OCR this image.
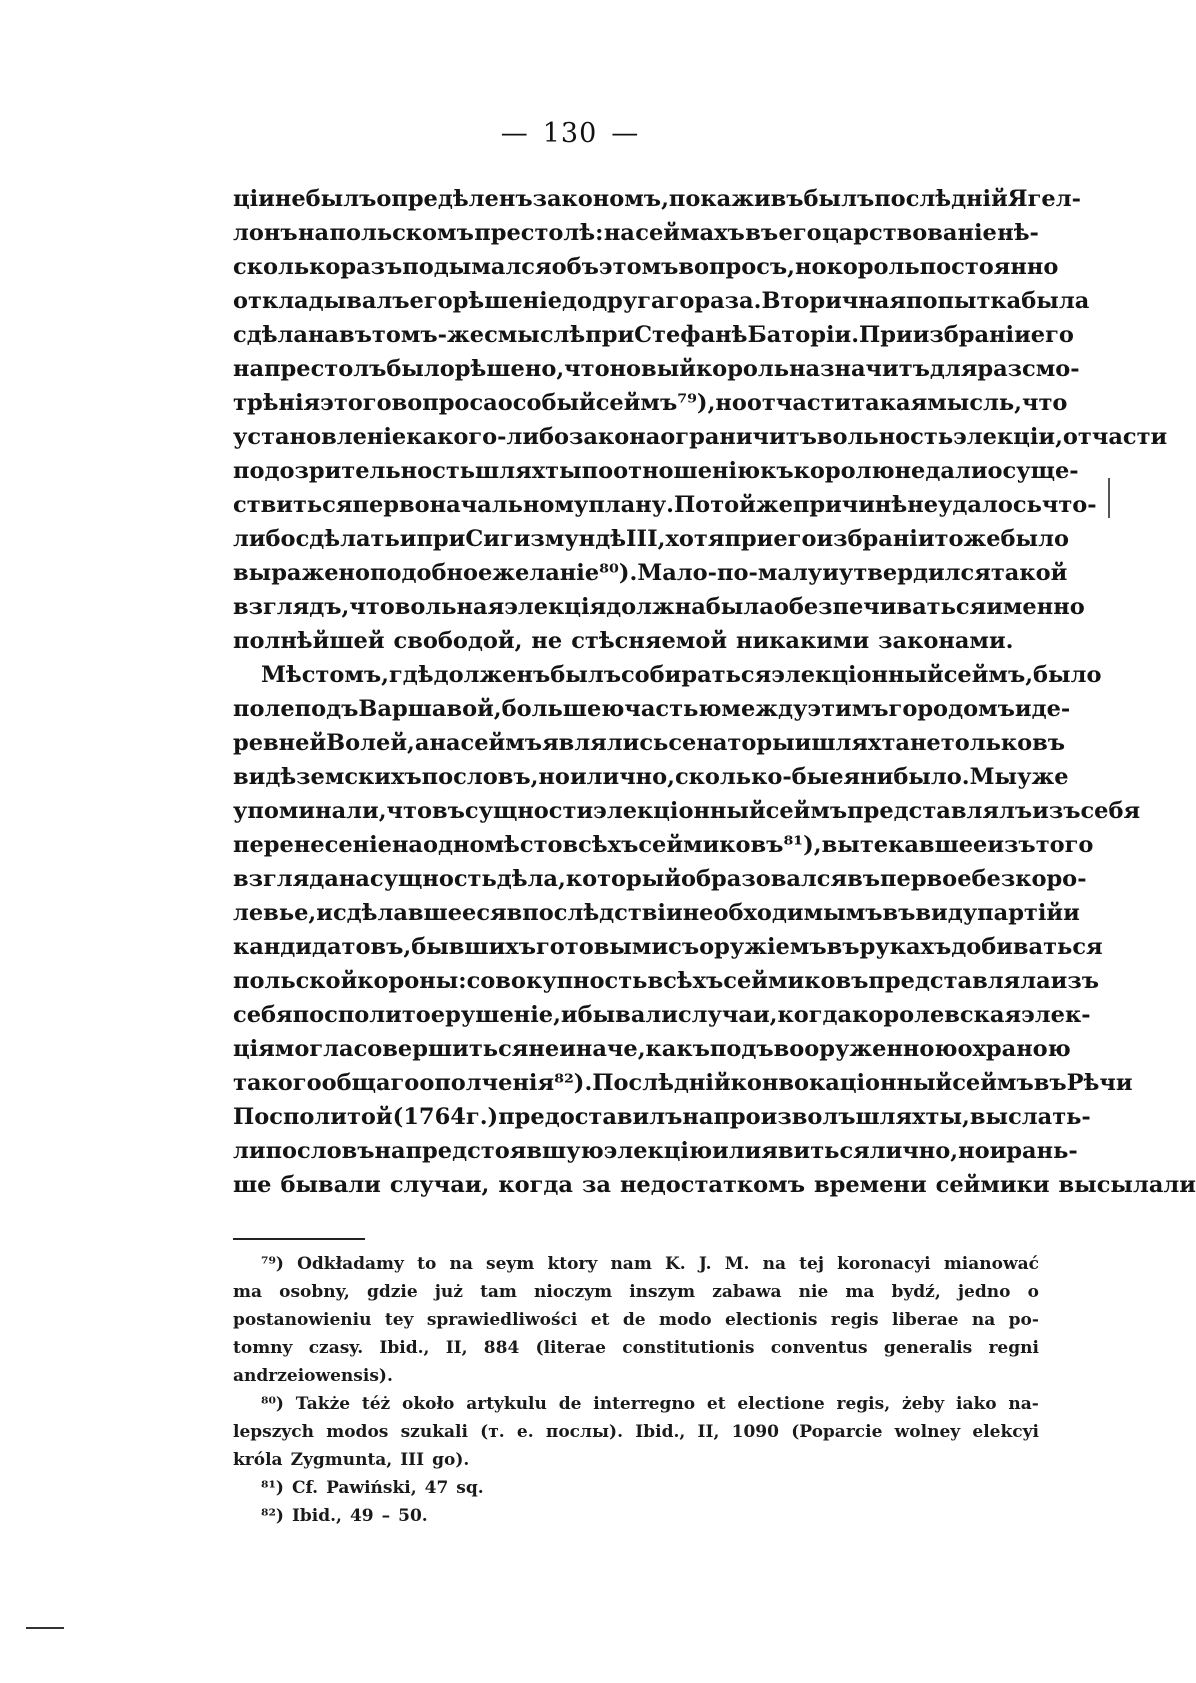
— 130 —
ціи не былъ опредѣленъ закономъ, пока живъ былъ послѣдній Ягел-
лонъ на польскомъ престолѣ: на сеймахъ въ его царствованіе нѣ-
сколько разъ подымался объ этомъ вопросъ, но король постоянно
откладывалъ его рѣшеніе до другаго раза. Вторичная попытка была
сдѣлана въ томъ-же смыслѣ при Стефанѣ Баторіи. При избраніи его
на престолъ было рѣшено, что новый король назначитъ для разсмо-
трѣнія этого вопроса особый сеймъ ⁷⁹), но отчасти такая мысль, что
установленіе какого-либо закона ограничитъ вольность элекціи, отчасти
подозрительность шляхты по отношенію къ королю не дали осуще-
ствиться первоначальному плану. По той же причинѣ не удалось что-
либо сдѣлать и при Сигизмундѣ III, хотя при его избраніи тоже было
выражено подобное желаніе ⁸⁰). Мало-по-малу и утвердился такой
взглядъ, что вольная элекція должна была обезпечиваться именно
полнѣйшей свободой, не стѣсняемой никакими законами.
Мѣстомъ, гдѣ долженъ былъ собираться элекціонный сеймъ, было
поле подъ Варшавой, большею частью между этимъ городомъ и де-
ревней Волей, а на сеймъ являлись сенаторы и шляхта не только въ
видѣ земскихъ пословъ, но и лично, сколько-бы ея ни было. Мы уже
упоминали, что въ сущности элекціонный сеймъ представлялъ изъ себя
перенесеніе на одно мѣсто всѣхъ сеймиковъ ⁸¹), вытекавшее изъ того
взгляда на сущность дѣла, который образовался въ первое безкоро-
левье, и сдѣлавшееся впослѣдствіи необходимымъ въ виду партій и
кандидатовъ, бывшихъ готовыми съ оружіемъ въ рукахъ добиваться
польской короны: совокупность всѣхъ сеймиковъ представляла изъ
себя посполитое рушеніе, и бывали случаи, когда королевская элек-
ція могла совершиться не иначе, какъ подъ вооруженною охраною
такого общаго ополченія ⁸²). Послѣдній конвокаціонный сеймъ въ Рѣчи
Посполитой (1764 г.) предоставилъ на произволъ шляхты, выслать-
ли пословъ на предстоявшую элекцію или явиться лично, но и рань-
ше бывали случаи, когда за недостаткомъ времени сеймики высылали
⁷⁹) Odkładamy to na seym ktory nam K. J. M. na tej koronacyi mianować
ma osobny, gdzie już tam nioczym inszym zabawa nie ma bydź, jedno o
postanowieniu tey sprawiedliwości et de modo electionis regis liberae na po-
tomny czasy. Ibid., II, 884 (literae constitutionis conventus generalis regni
andrzeiowensis).
⁸⁰) Także téż około artykulu de interregno et electione regis, żeby iako na-
lepszych modos szukali (т. е. послы). Ibid., II, 1090 (Poparcie wolney elekcyi
króla Zygmunta, III go).
⁸¹) Cf. Pawiński, 47 sq.
⁸²) Ibid., 49 – 50.
